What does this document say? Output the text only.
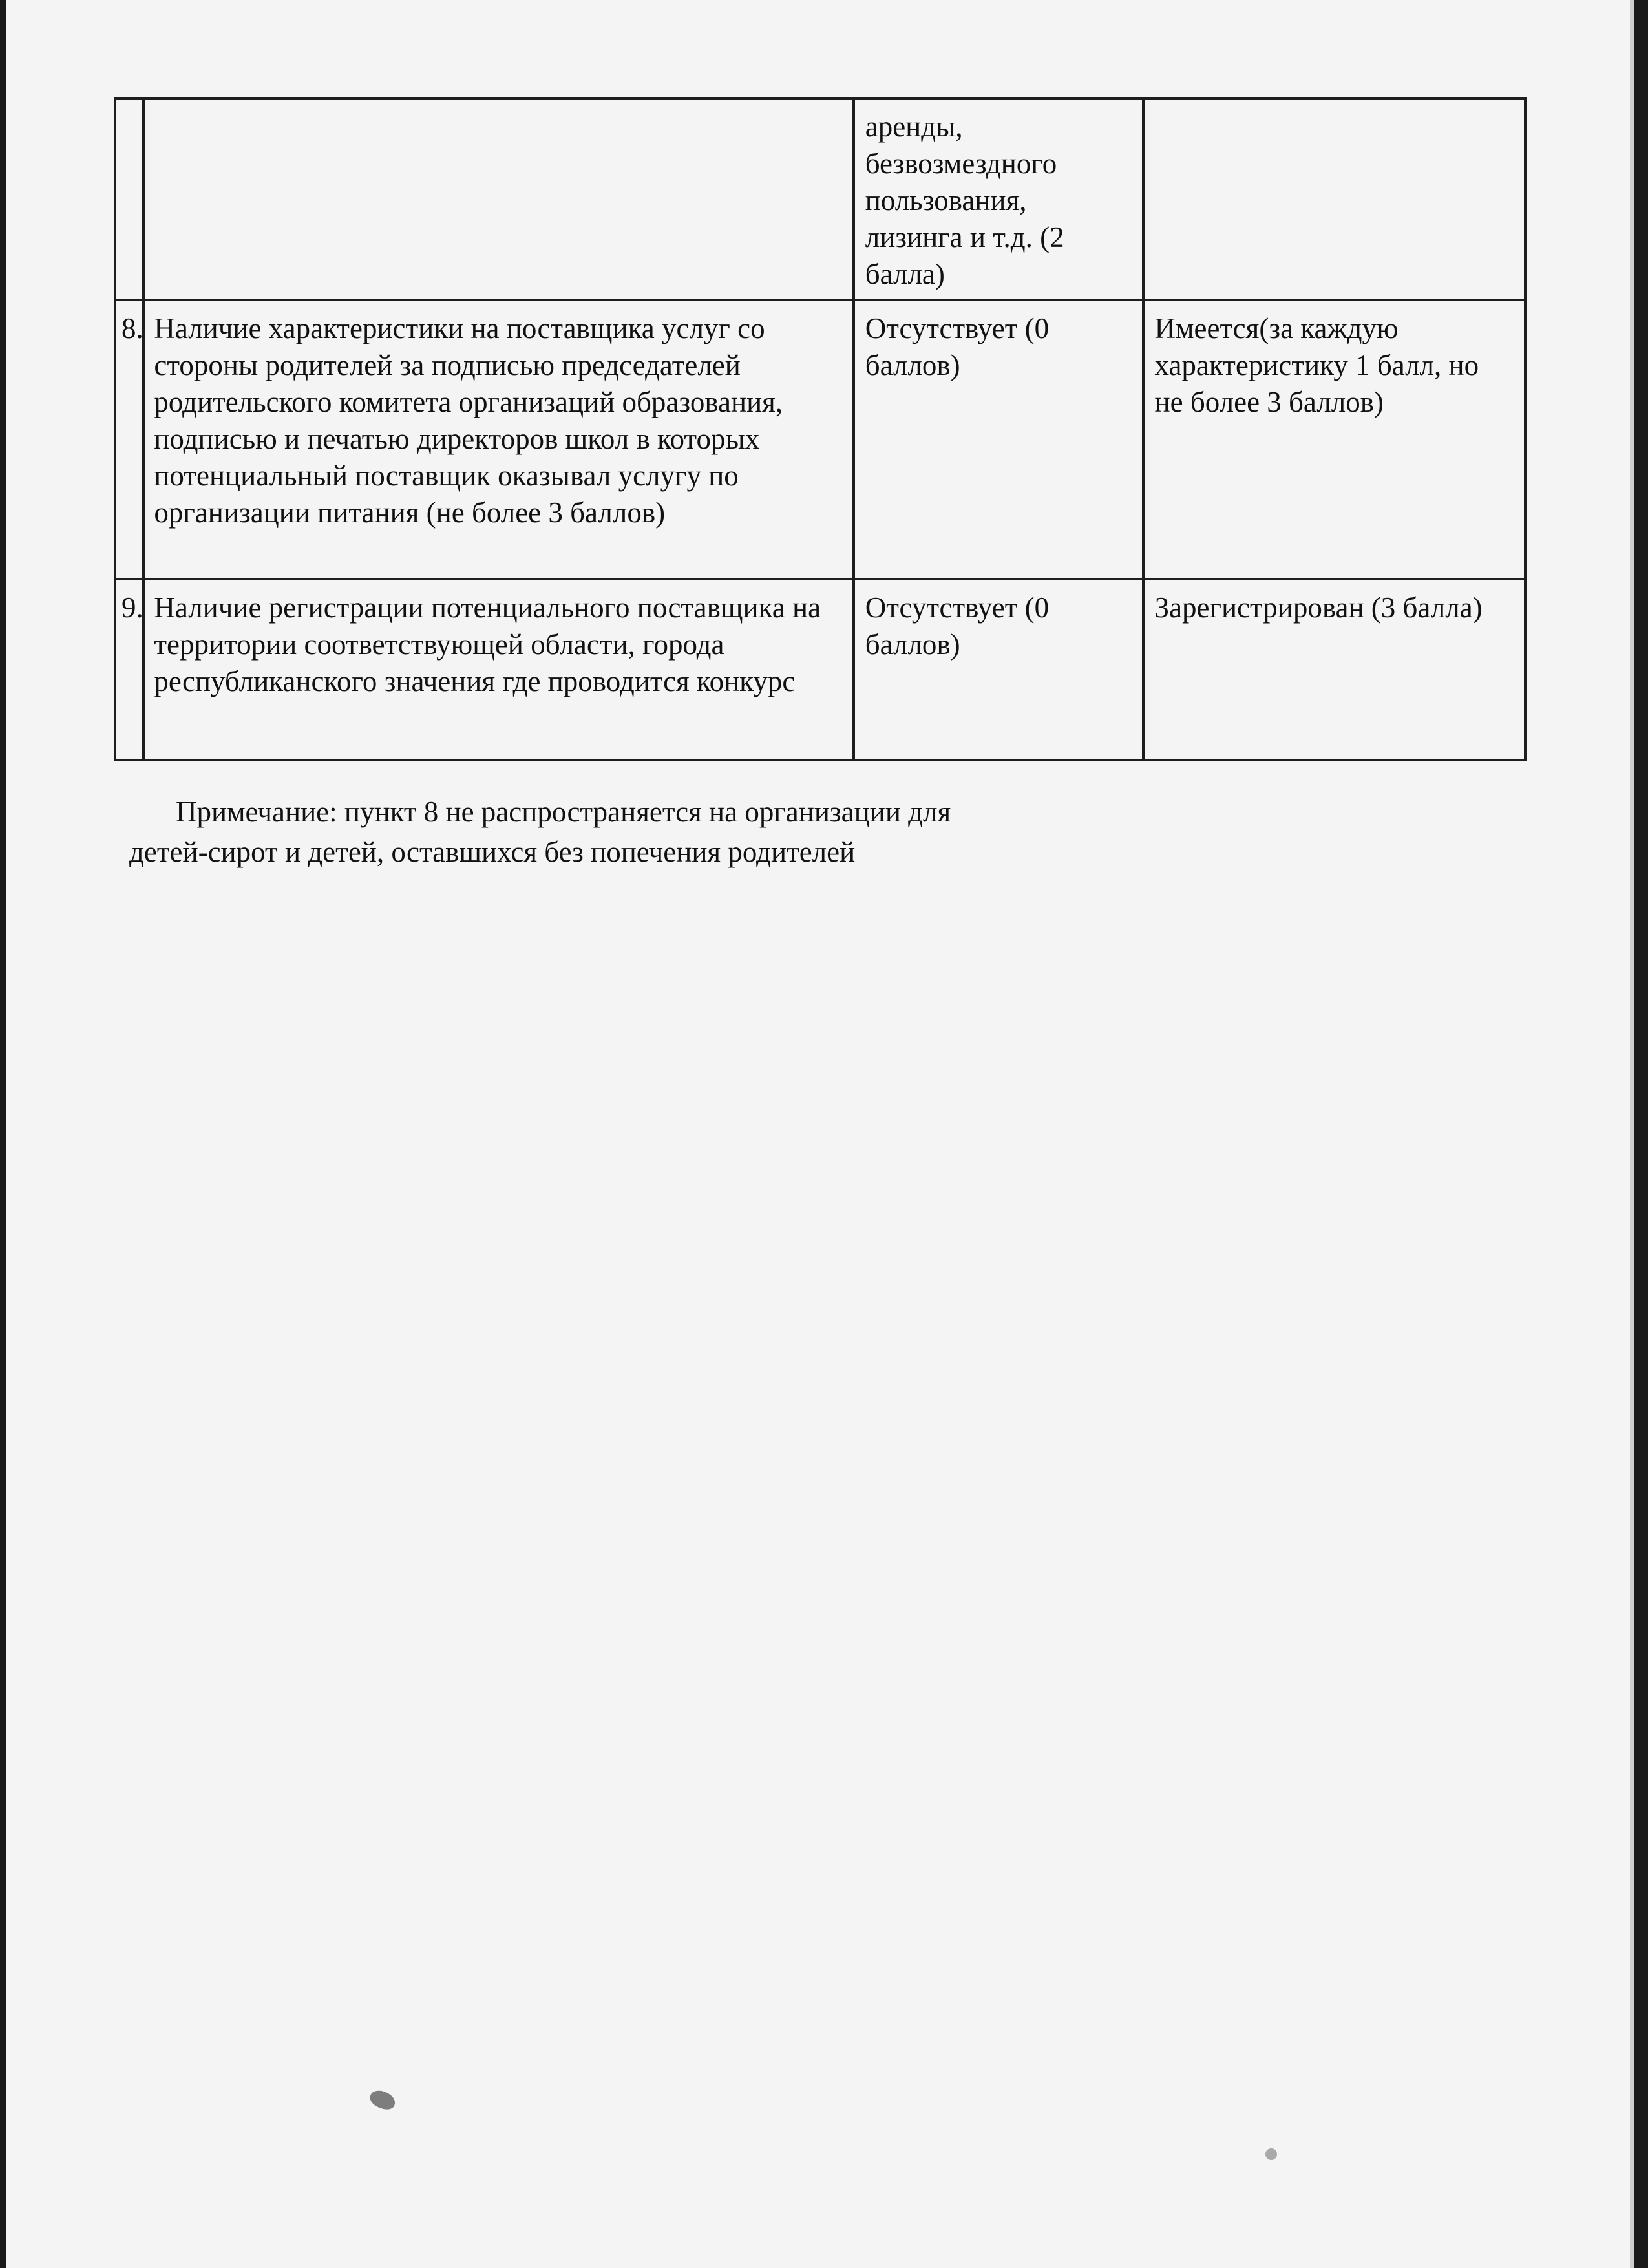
		аренды, безвозмездного пользования, лизинга и т.д. (2 балла)	
8.	Наличие характеристики на поставщика услуг со стороны родителей за подписью председателей родительского комитета организаций образования, подписью и печатью директоров школ в которых потенциальный поставщик оказывал услугу по организации питания (не более 3 баллов)	Отсутствует (0 баллов)	Имеется(за каждую характеристику 1 балл, но не более 3 баллов)
9.	Наличие регистрации потенциального поставщика на территории соответствующей области, города республиканского значения где проводится конкурс	Отсутствует (0 баллов)	Зарегистрирован (3 балла)

Примечание: пункт 8 не распространяется на организации для
детей-сирот и детей, оставшихся без попечения родителей
